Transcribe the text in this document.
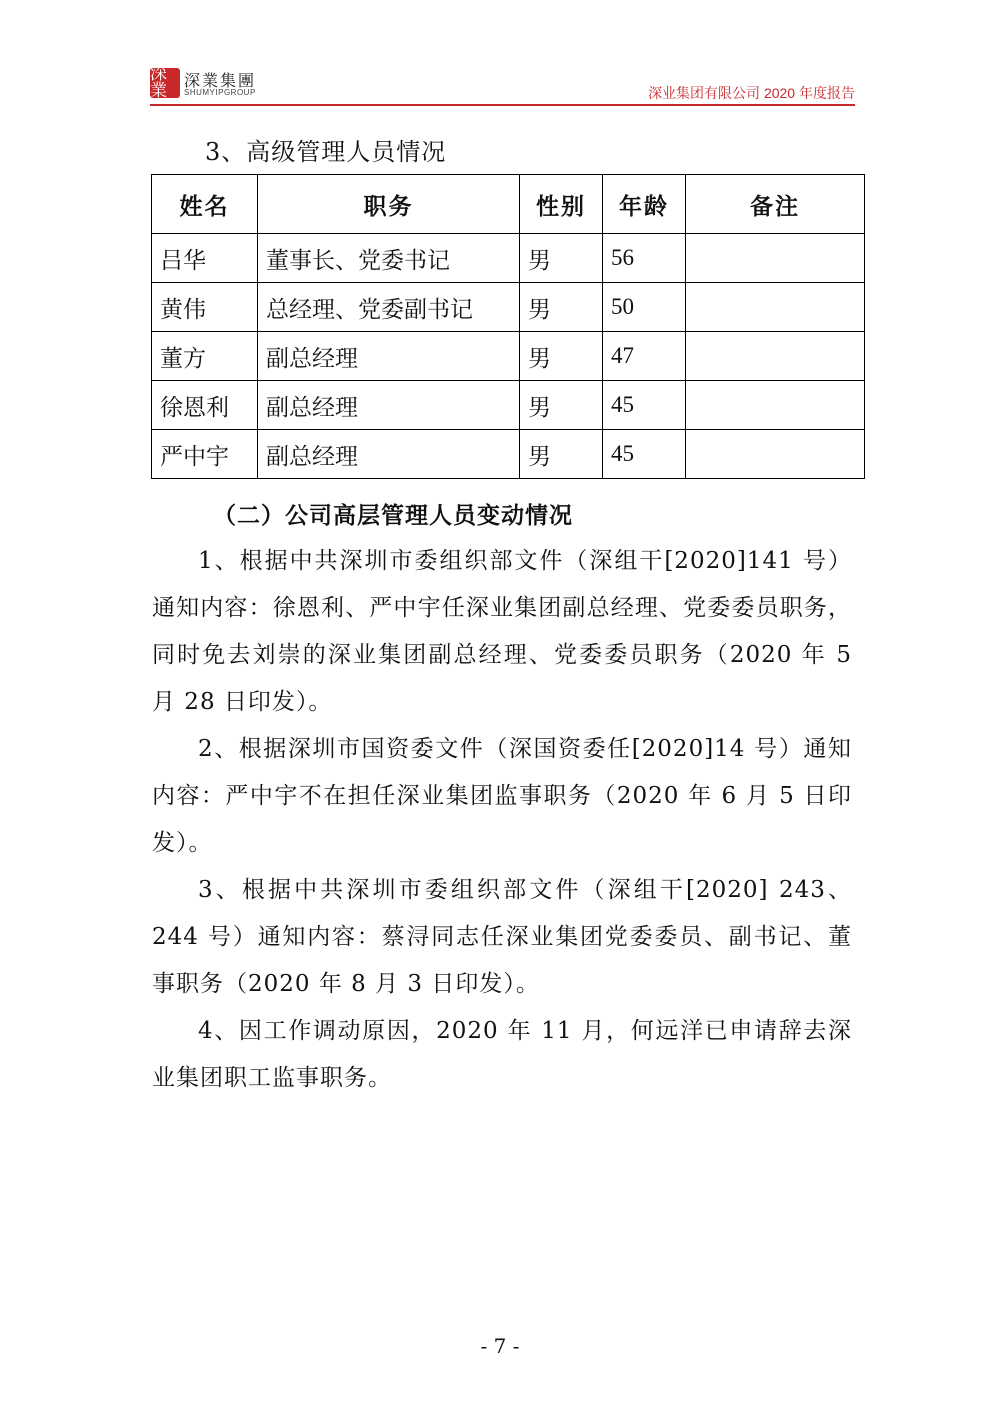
深業
深業集團
SHUMYIPGROUP	深业集团有限公司 2020 年度报告
3、高级管理人员情况
姓名	职务	性别	年龄	备注
吕华	董事长、党委书记	男	56	
黄伟	总经理、党委副书记	男	50	
董方	副总经理	男	47	
徐恩利	副总经理	男	45	
严中宇	副总经理	男	45	
（二）公司高层管理人员变动情况

1、根据中共深圳市委组织部文件（深组干[2020]141 号）通知内容：徐恩利、严中宇任深业集团副总经理、党委委员职务，同时免去刘崇的深业集团副总经理、党委委员职务（2020 年 5 月 28 日印发）。

2、根据深圳市国资委文件（深国资委任[2020]14 号）通知内容：严中宇不在担任深业集团监事职务（2020 年 6 月 5 日印发）。

3、根据中共深圳市委组织部文件（深组干[2020] 243、244 号）通知内容：蔡浔同志任深业集团党委委员、副书记、董事职务（2020 年 8 月 3 日印发）。

4、因工作调动原因，2020 年 11 月，何远洋已申请辞去深业集团职工监事职务。

- 7 -
